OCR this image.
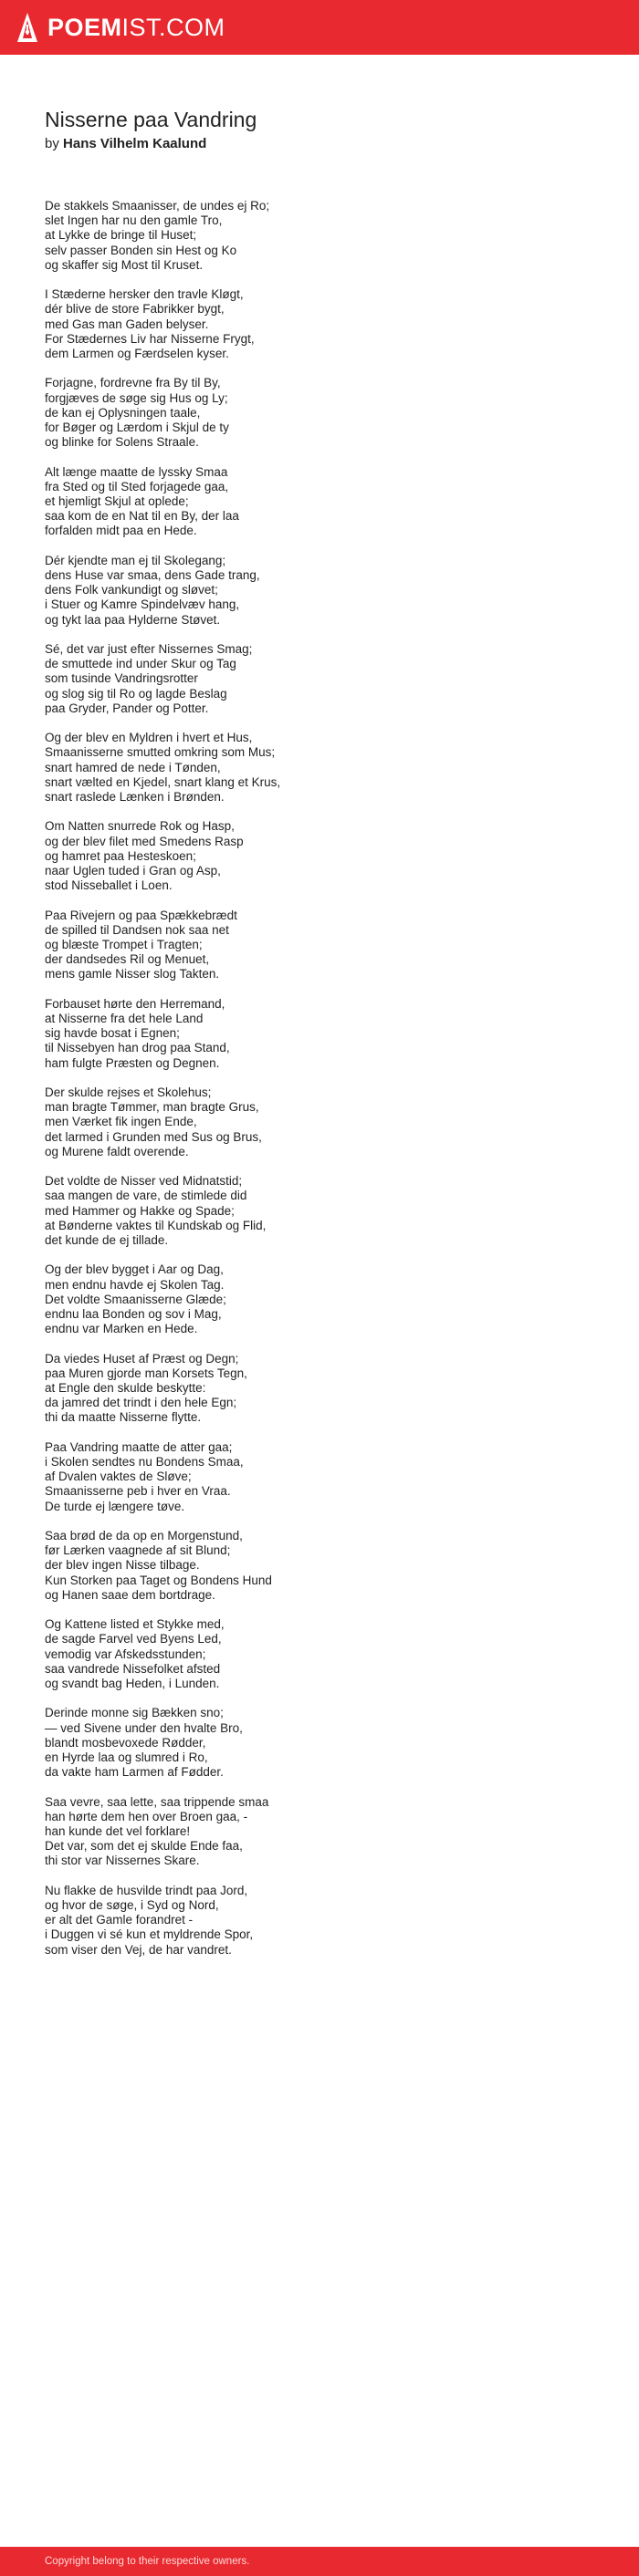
POEMIST.COM
Nisserne paa Vandring
by Hans Vilhelm Kaalund
De stakkels Smaanisser, de undes ej Ro;
slet Ingen har nu den gamle Tro,
at Lykke de bringe til Huset;
selv passer Bonden sin Hest og Ko
og skaffer sig Most til Kruset.
I Stæderne hersker den travle Kløgt,
dér blive de store Fabrikker bygt,
med Gas man Gaden belyser.
For Stædernes Liv har Nisserne Frygt,
dem Larmen og Færdselen kyser.
Forjagne, fordrevne fra By til By,
forgjæves de søge sig Hus og Ly;
de kan ej Oplysningen taale,
for Bøger og Lærdom i Skjul de ty
og blinke for Solens Straale.
Alt længe maatte de lyssky Smaa
fra Sted og til Sted forjagede gaa,
et hjemligt Skjul at oplede;
saa kom de en Nat til en By, der laa
forfalden midt paa en Hede.
Dér kjendte man ej til Skolegang;
dens Huse var smaa, dens Gade trang,
dens Folk vankundigt og sløvet;
i Stuer og Kamre Spindelvæv hang,
og tykt laa paa Hylderne Støvet.
Sé, det var just efter Nissernes Smag;
de smuttede ind under Skur og Tag
som tusinde Vandringsrotter
og slog sig til Ro og lagde Beslag
paa Gryder, Pander og Potter.
Og der blev en Myldren i hvert et Hus,
Smaanisserne smutted omkring som Mus;
snart hamred de nede i Tønden,
snart vælted en Kjedel, snart klang et Krus,
snart raslede Lænken i Brønden.
Om Natten snurrede Rok og Hasp,
og der blev filet med Smedens Rasp
og hamret paa Hesteskoen;
naar Uglen tuded i Gran og Asp,
stod Nisseballet i Loen.
Paa Rivejern og paa Spækkebrædt
de spilled til Dandsen nok saa net
og blæste Trompet i Tragten;
der dandsedes Ril og Menuet,
mens gamle Nisser slog Takten.
Forbauset hørte den Herremand,
at Nisserne fra det hele Land
sig havde bosat i Egnen;
til Nissebyen han drog paa Stand,
ham fulgte Præsten og Degnen.
Der skulde rejses et Skolehus;
man bragte Tømmer, man bragte Grus,
men Værket fik ingen Ende,
det larmed i Grunden med Sus og Brus,
og Murene faldt overende.
Det voldte de Nisser ved Midnatstid;
saa mangen de vare, de stimlede did
med Hammer og Hakke og Spade;
at Bønderne vaktes til Kundskab og Flid,
det kunde de ej tillade.
Og der blev bygget i Aar og Dag,
men endnu havde ej Skolen Tag.
Det voldte Smaanisserne Glæde;
endnu laa Bonden og sov i Mag,
endnu var Marken en Hede.
Da viedes Huset af Præst og Degn;
paa Muren gjorde man Korsets Tegn,
at Engle den skulde beskytte:
da jamred det trindt i den hele Egn;
thi da maatte Nisserne flytte.
Paa Vandring maatte de atter gaa;
i Skolen sendtes nu Bondens Smaa,
af Dvalen vaktes de Sløve;
Smaanisserne peb i hver en Vraa.
De turde ej længere tøve.
Saa brød de da op en Morgenstund,
før Lærken vaagnede af sit Blund;
der blev ingen Nisse tilbage.
Kun Storken paa Taget og Bondens Hund
og Hanen saae dem bortdrage.
Og Kattene listed et Stykke med,
de sagde Farvel ved Byens Led,
vemodig var Afskedsstunden;
saa vandrede Nissefolket afsted
og svandt bag Heden, i Lunden.
Derinde monne sig Bækken sno;
— ved Sivene under den hvalte Bro,
blandt mosbevoxede Rødder,
en Hyrde laa og slumred i Ro,
da vakte ham Larmen af Fødder.
Saa vevre, saa lette, saa trippende smaa
han hørte dem hen over Broen gaa, -
han kunde det vel forklare!
Det var, som det ej skulde Ende faa,
thi stor var Nissernes Skare.
Nu flakke de husvilde trindt paa Jord,
og hvor de søge, i Syd og Nord,
er alt det Gamle forandret -
i Duggen vi sé kun et myldrende Spor,
som viser den Vej, de har vandret.
Copyright belong to their respective owners.
